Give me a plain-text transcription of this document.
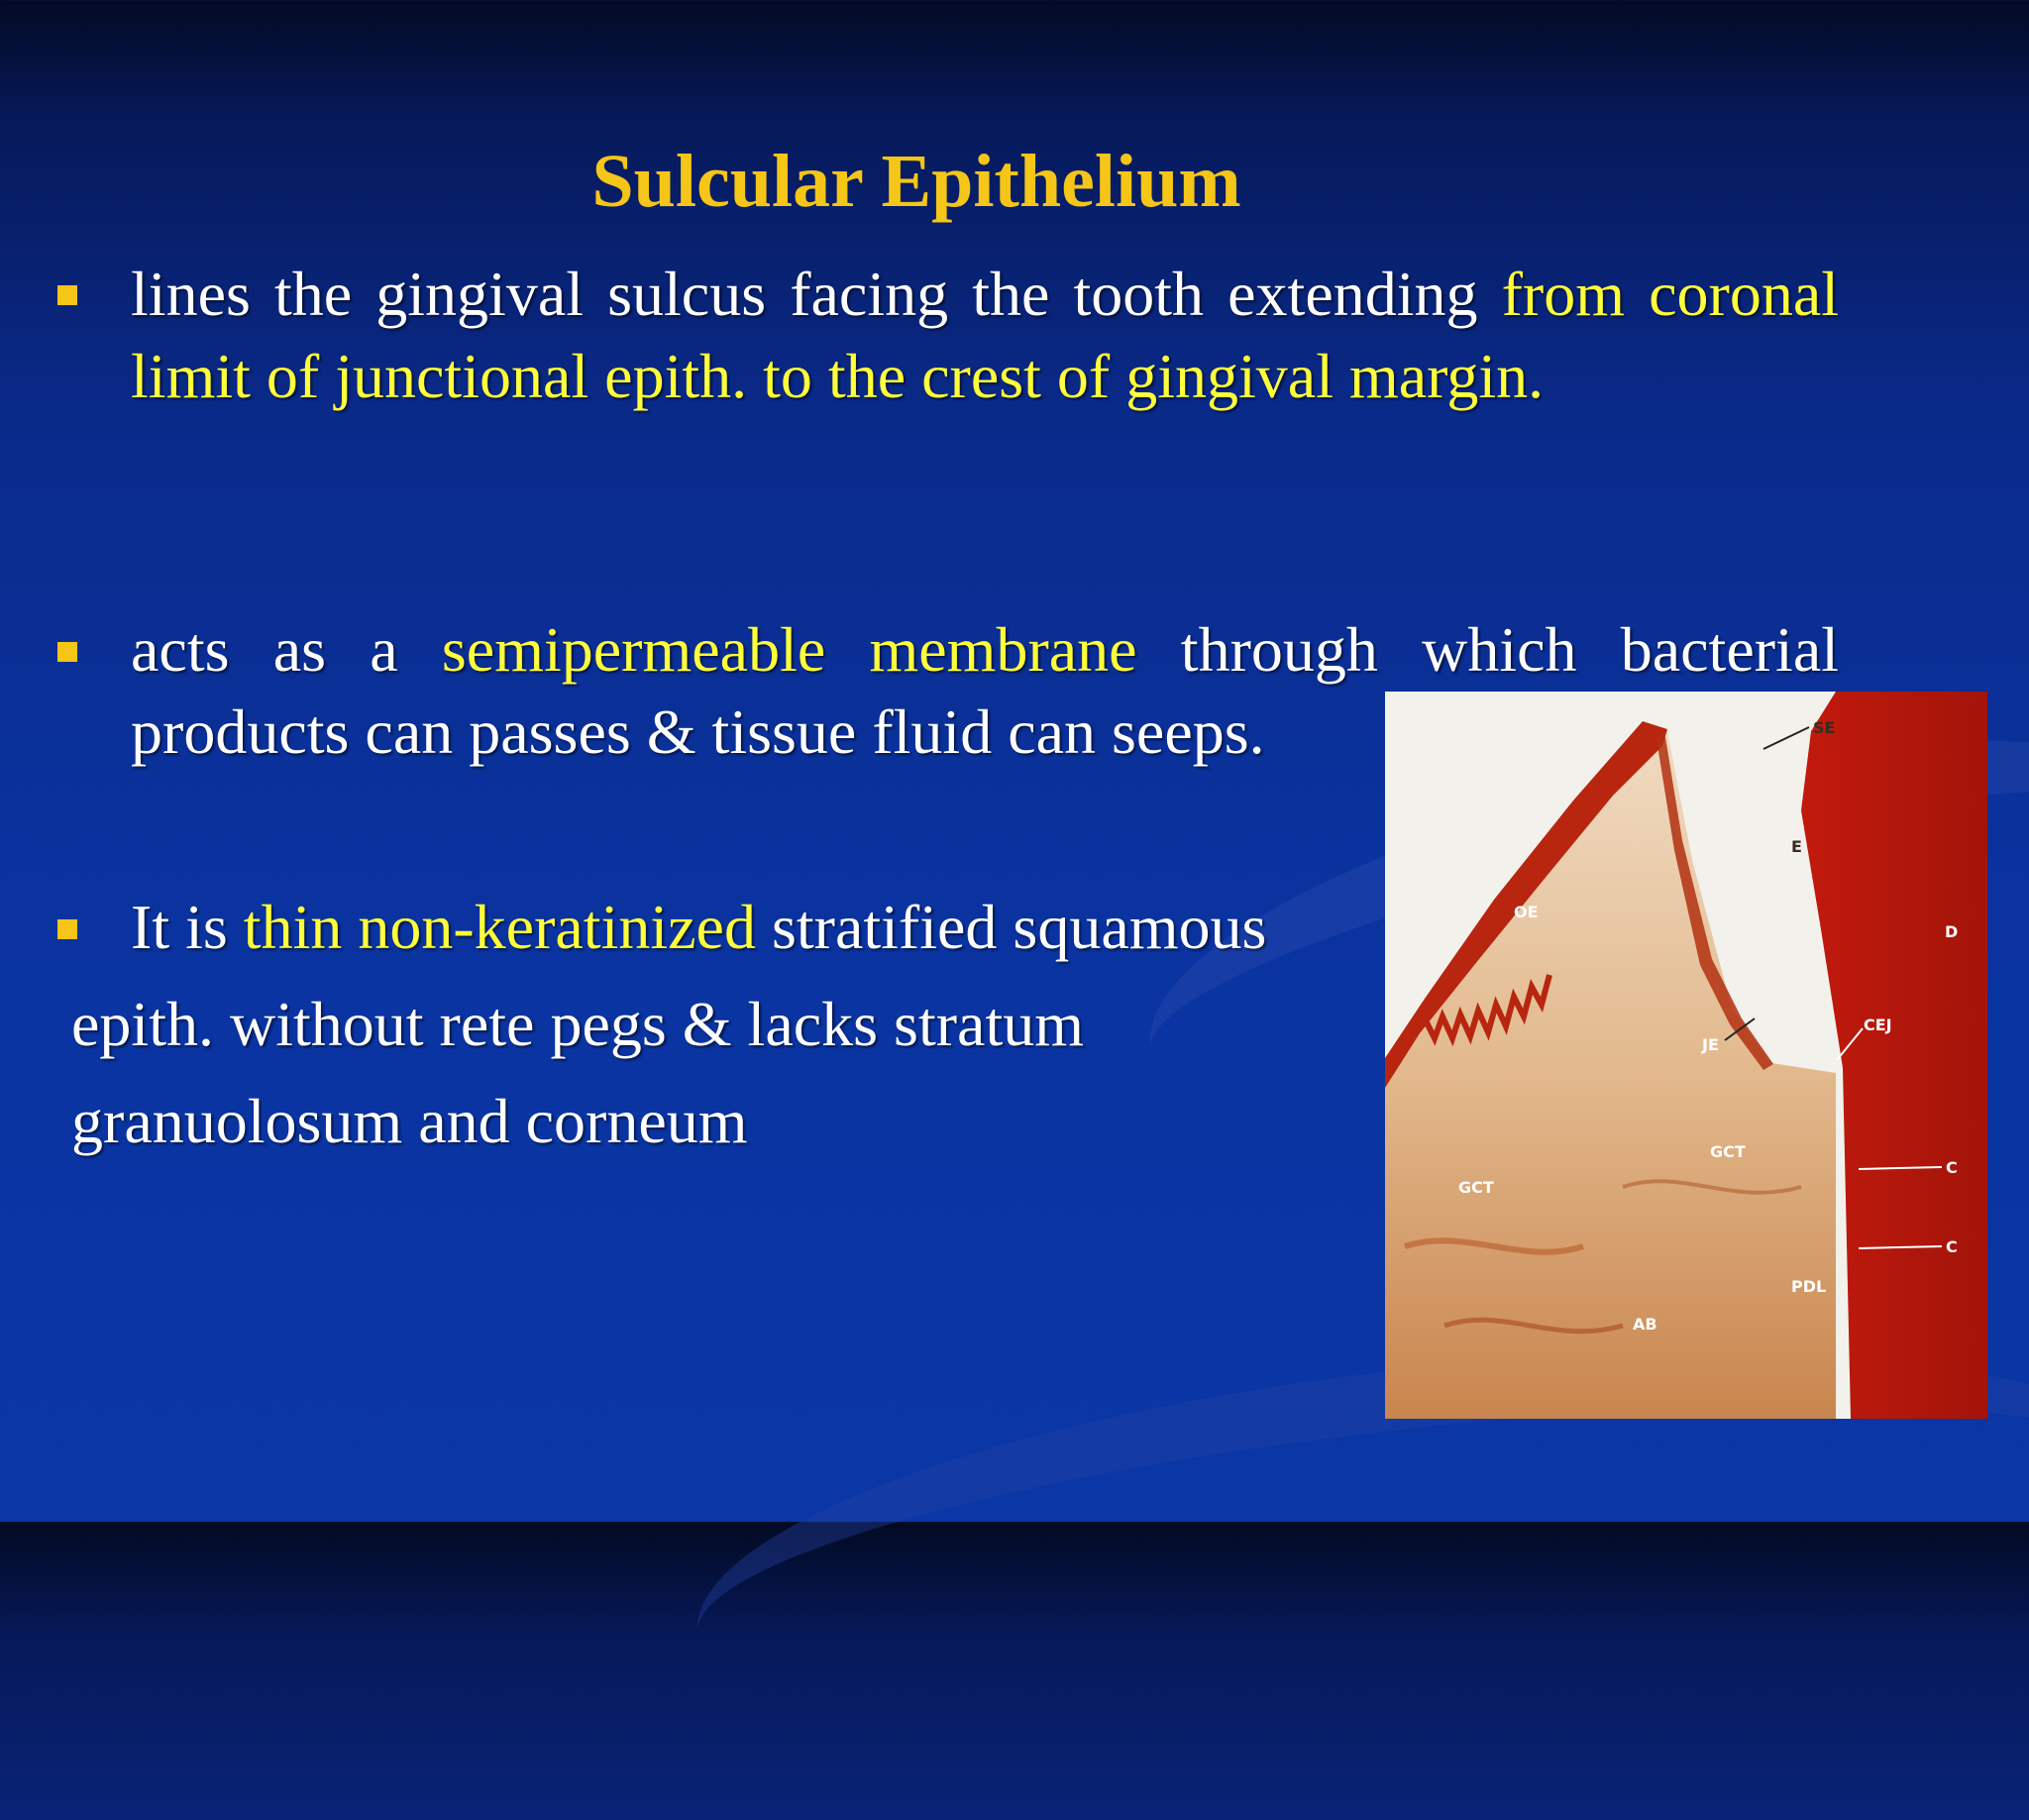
Sulcular Epithelium
lines the gingival sulcus facing the tooth extending from coronal limit of junctional epith. to the crest of gingival margin.
acts as a semipermeable membrane through which bacterial products can passes & tissue fluid can seeps.
It is thin non-keratinized stratified squamous
epith. without rete pegs & lacks stratum
granuolosum and corneum
SE
E
OE
D
JE
CEJ
GCT
GCT
C
C
PDL
AB
